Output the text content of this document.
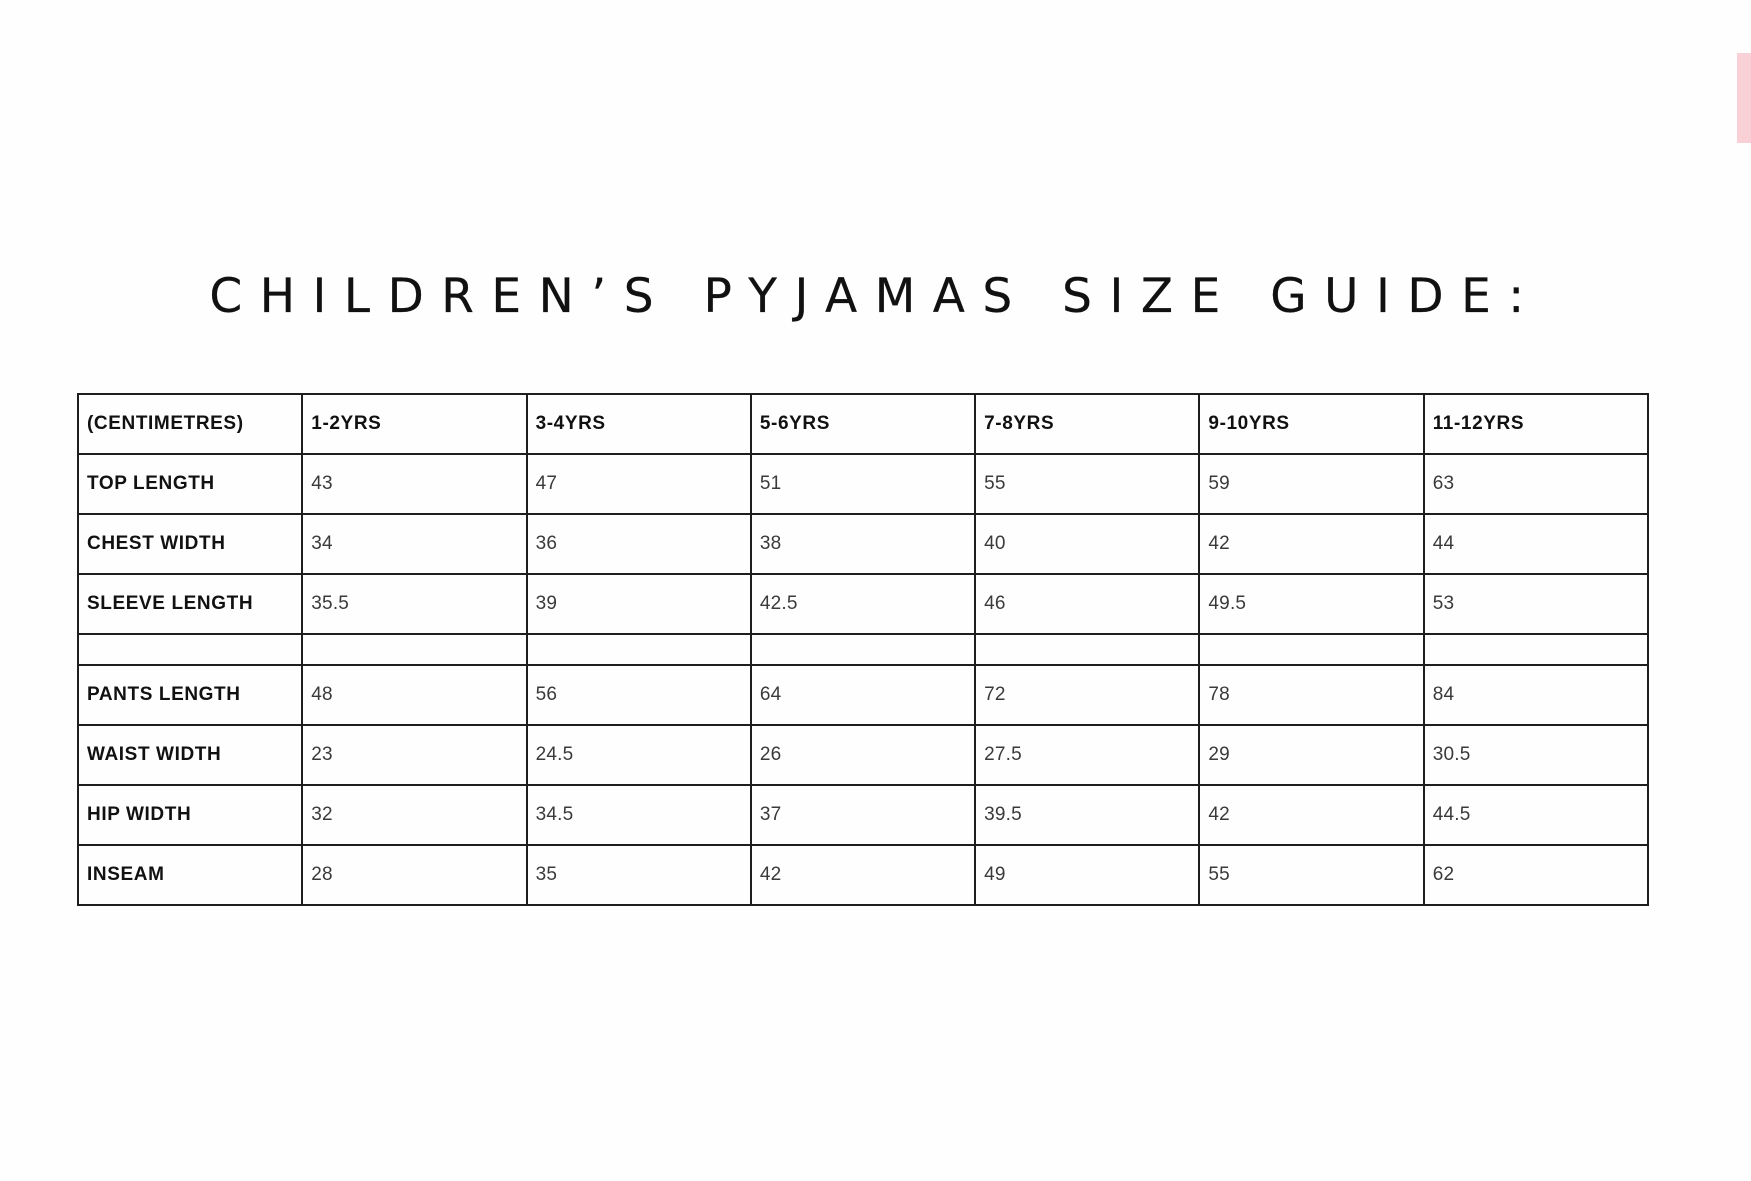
CHILDREN’S PYJAMAS SIZE GUIDE:
(CENTIMETRES)	1-2YRS	3-4YRS	5-6YRS	7-8YRS	9-10YRS	11-12YRS
TOP LENGTH	43	47	51	55	59	63
CHEST WIDTH	34	36	38	40	42	44
SLEEVE LENGTH	35.5	39	42.5	46	49.5	53

PANTS LENGTH	48	56	64	72	78	84
WAIST WIDTH	23	24.5	26	27.5	29	30.5
HIP WIDTH	32	34.5	37	39.5	42	44.5
INSEAM	28	35	42	49	55	62
